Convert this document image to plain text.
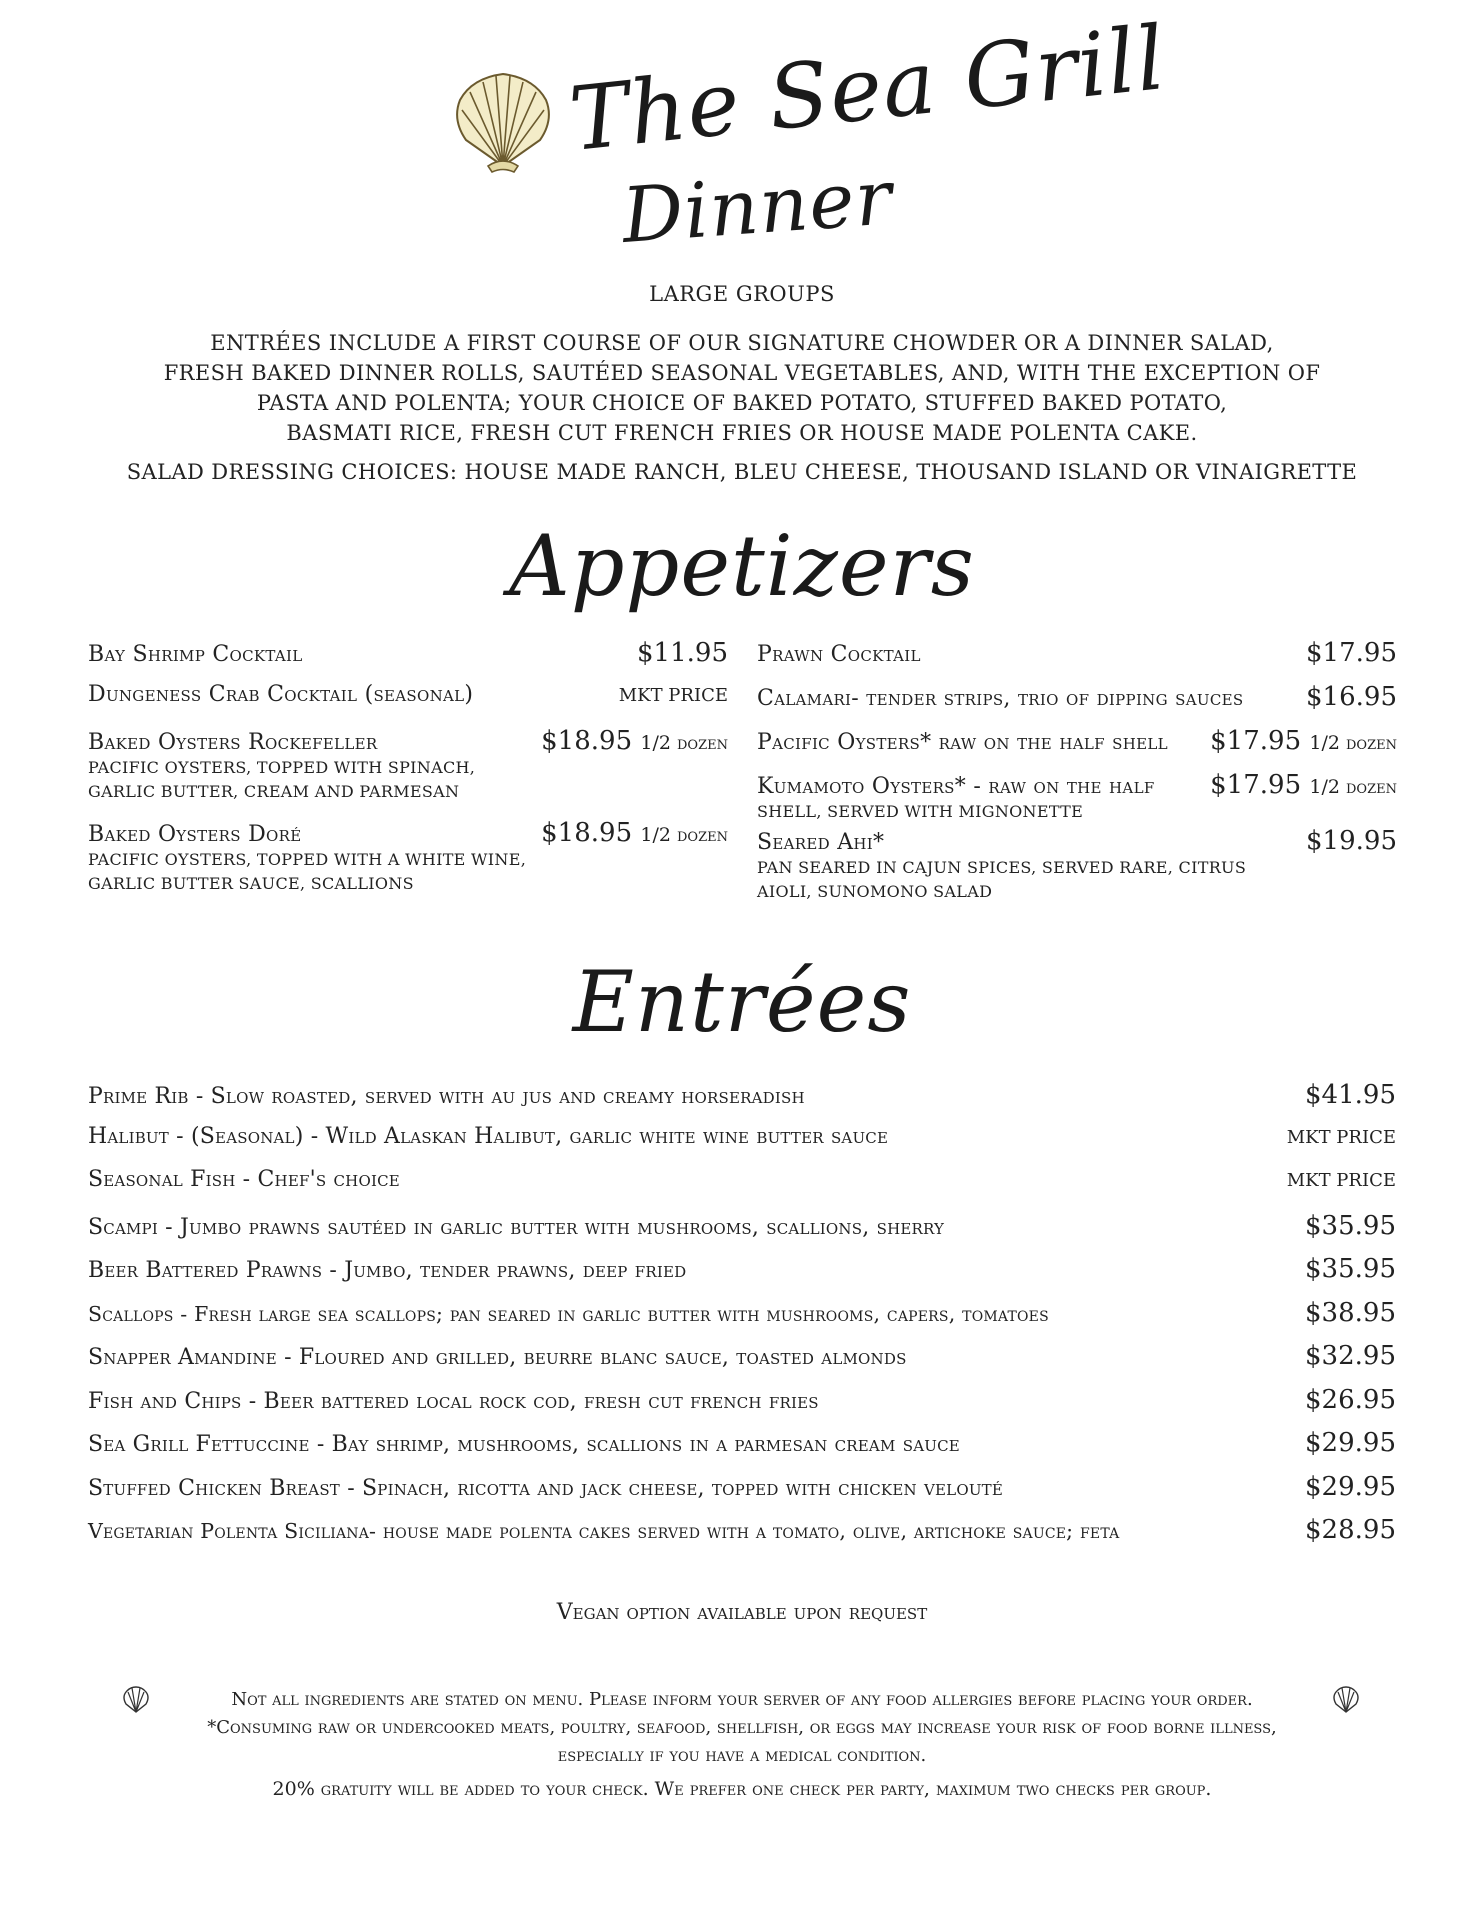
The Sea Grill
Dinner
LARGE GROUPS
ENTRÉES INCLUDE A FIRST COURSE OF OUR SIGNATURE CHOWDER OR A DINNER SALAD,
FRESH BAKED DINNER ROLLS, SAUTÉED SEASONAL VEGETABLES, AND, WITH THE EXCEPTION OF
PASTA AND POLENTA; YOUR CHOICE OF BAKED POTATO, STUFFED BAKED POTATO,
BASMATI RICE, FRESH CUT FRENCH FRIES OR HOUSE MADE POLENTA CAKE.
SALAD DRESSING CHOICES: HOUSE MADE RANCH, BLEU CHEESE, THOUSAND ISLAND OR VINAIGRETTE
Appetizers
Bay Shrimp Cocktail	$11.95
Dungeness Crab Cocktail (seasonal)	MKT PRICE
Baked Oysters Rockefeller	$18.95 1/2 dozen
PACIFIC OYSTERS, TOPPED WITH SPINACH, GARLIC BUTTER, CREAM AND PARMESAN
Baked Oysters Doré	$18.95 1/2 dozen
PACIFIC OYSTERS, TOPPED WITH A WHITE WINE, GARLIC BUTTER SAUCE, SCALLIONS
Prawn Cocktail	$17.95
Calamari- tender strips, trio of dipping sauces $16.95
Pacific Oysters* raw on the half shell $17.95 1/2 dozen
Kumamoto Oysters* - raw on the half $17.95 1/2 dozen
SHELL, SERVED WITH MIGNONETTE
Seared Ahi*	$19.95
PAN SEARED IN CAJUN SPICES, SERVED RARE, CITRUS AIOLI, SUNOMONO SALAD
Entrées
Prime Rib - Slow roasted, served with au jus and creamy horseradish	$41.95
Halibut - (Seasonal) - Wild Alaskan Halibut, garlic white wine butter sauce	MKT PRICE
Seasonal Fish - Chef's choice	MKT PRICE
Scampi - Jumbo prawns sautéed in garlic butter with mushrooms, scallions, sherry	$35.95
Beer Battered Prawns - Jumbo, tender prawns, deep fried	$35.95
Scallops - Fresh large sea scallops; pan seared in garlic butter with mushrooms, capers, tomatoes	$38.95
Snapper Amandine - Floured and grilled, beurre blanc sauce, toasted almonds	$32.95
Fish and Chips - Beer battered local rock cod, fresh cut french fries	$26.95
Sea Grill Fettuccine - Bay shrimp, mushrooms, scallions in a parmesan cream sauce	$29.95
Stuffed Chicken Breast - Spinach, ricotta and jack cheese, topped with chicken velouté	$29.95
Vegetarian Polenta Siciliana- house made polenta cakes served with a tomato, olive, artichoke sauce; feta	$28.95
Vegan option available upon request
Not all ingredients are stated on menu. Please inform your server of any food allergies before placing your order.
*Consuming raw or undercooked meats, poultry, seafood, shellfish, or eggs may increase your risk of food borne illness,
especially if you have a medical condition.
20% gratuity will be added to your check. We prefer one check per party, maximum two checks per group.
